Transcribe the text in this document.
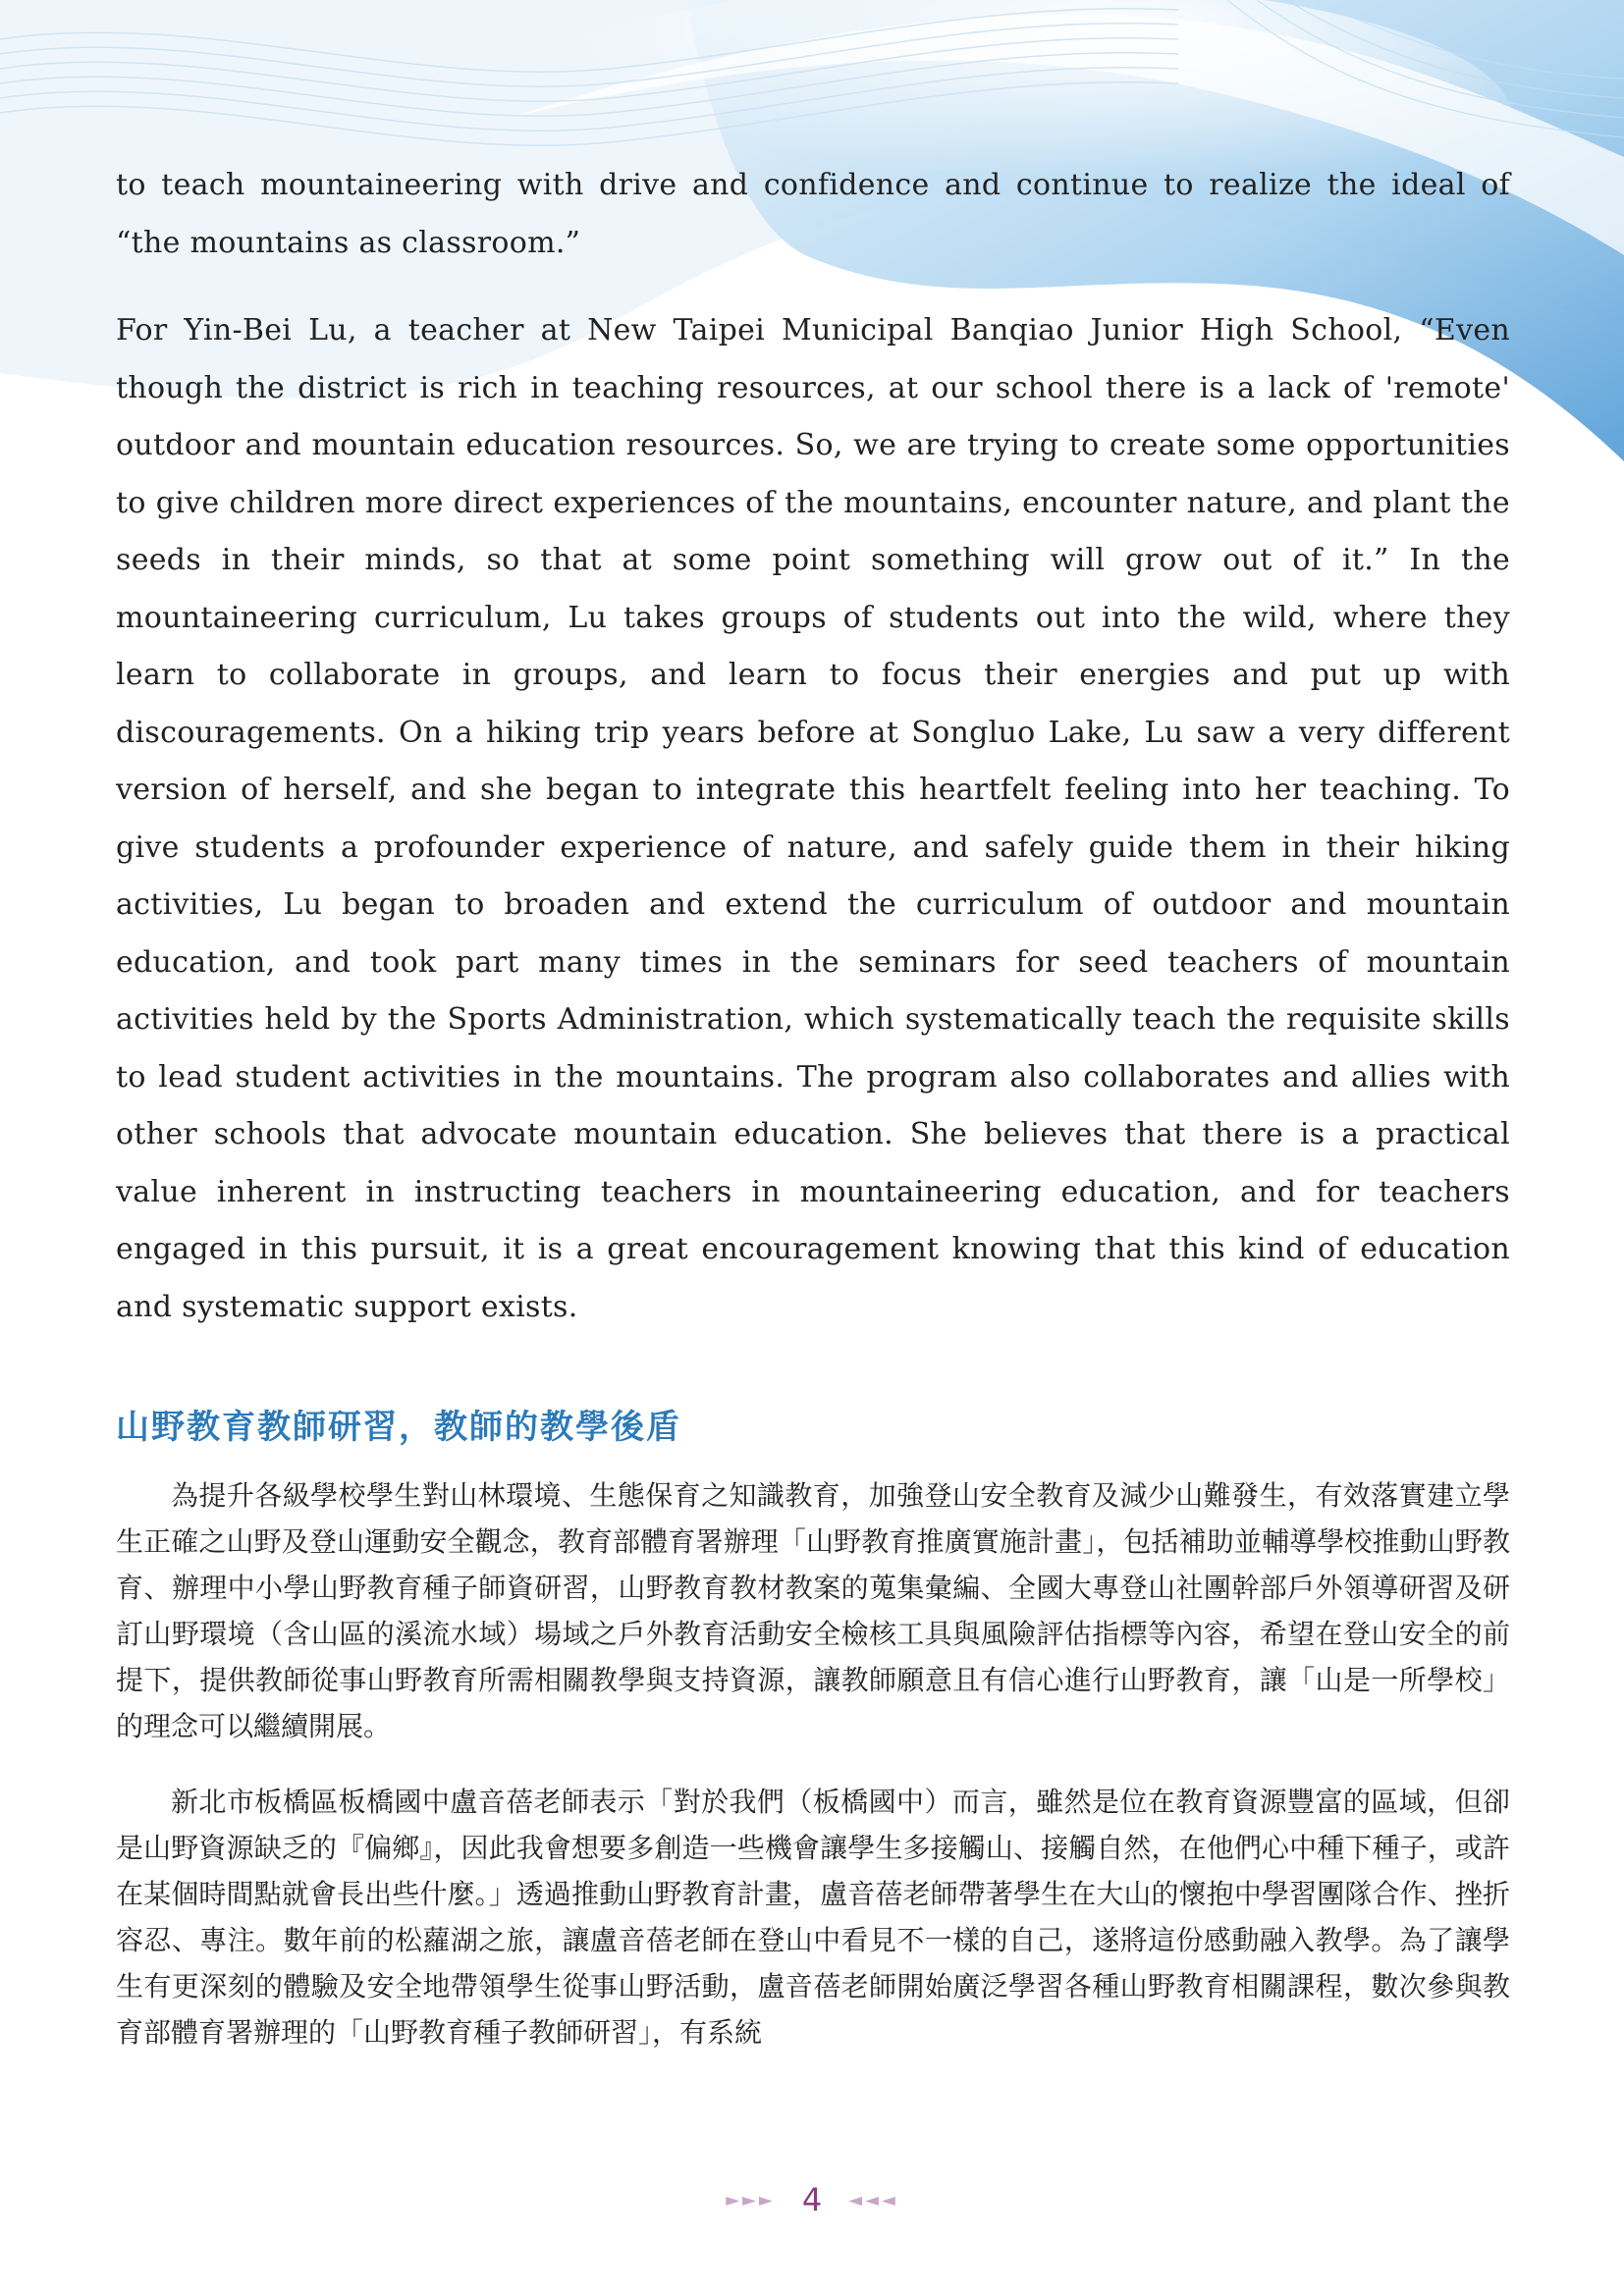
to teach mountaineering with drive and confidence and continue to realize the ideal of “the mountains as classroom.”

For Yin-Bei Lu, a teacher at New Taipei Municipal Banqiao Junior High School, “Even though the district is rich in teaching resources, at our school there is a lack of 'remote' outdoor and mountain education resources. So, we are trying to create some opportunities to give children more direct experiences of the mountains, encounter nature, and plant the seeds in their minds, so that at some point something will grow out of it.” In the mountaineering curriculum, Lu takes groups of students out into the wild, where they learn to collaborate in groups, and learn to focus their energies and put up with discouragements. On a hiking trip years before at Songluo Lake, Lu saw a very different version of herself, and she began to integrate this heartfelt feeling into her teaching. To give students a profounder experience of nature, and safely guide them in their hiking activities, Lu began to broaden and extend the curriculum of outdoor and mountain education, and took part many times in the seminars for seed teachers of mountain activities held by the Sports Administration, which systematically teach the requisite skills to lead student activities in the mountains. The program also collaborates and allies with other schools that advocate mountain education. She believes that there is a practical value inherent in instructing teachers in mountaineering education, and for teachers engaged in this pursuit, it is a great encouragement knowing that this kind of education and systematic support exists.

山野教育教師研習，教師的教學後盾

為提升各級學校學生對山林環境、生態保育之知識教育，加強登山安全教育及減少山難發生，有效落實建立學生正確之山野及登山運動安全觀念，教育部體育署辦理「山野教育推廣實施計畫」，包括補助並輔導學校推動山野教育、辦理中小學山野教育種子師資研習，山野教育教材教案的蒐集彙編、全國大專登山社團幹部戶外領導研習及研訂山野環境（含山區的溪流水域）場域之戶外教育活動安全檢核工具與風險評估指標等內容，希望在登山安全的前提下，提供教師從事山野教育所需相關教學與支持資源，讓教師願意且有信心進行山野教育，讓「山是一所學校」的理念可以繼續開展。

新北市板橋區板橋國中盧音蓓老師表示「對於我們（板橋國中）而言，雖然是位在教育資源豐富的區域，但卻是山野資源缺乏的『偏鄉』，因此我會想要多創造一些機會讓學生多接觸山、接觸自然，在他們心中種下種子，或許在某個時間點就會長出些什麼。」透過推動山野教育計畫，盧音蓓老師帶著學生在大山的懷抱中學習團隊合作、挫折容忍、專注。數年前的松蘿湖之旅，讓盧音蓓老師在登山中看見不一樣的自己，遂將這份感動融入教學。為了讓學生有更深刻的體驗及安全地帶領學生從事山野活動，盧音蓓老師開始廣泛學習各種山野教育相關課程，數次參與教育部體育署辦理的「山野教育種子教師研習」，有系統

►►► 4 ◄◄◄
